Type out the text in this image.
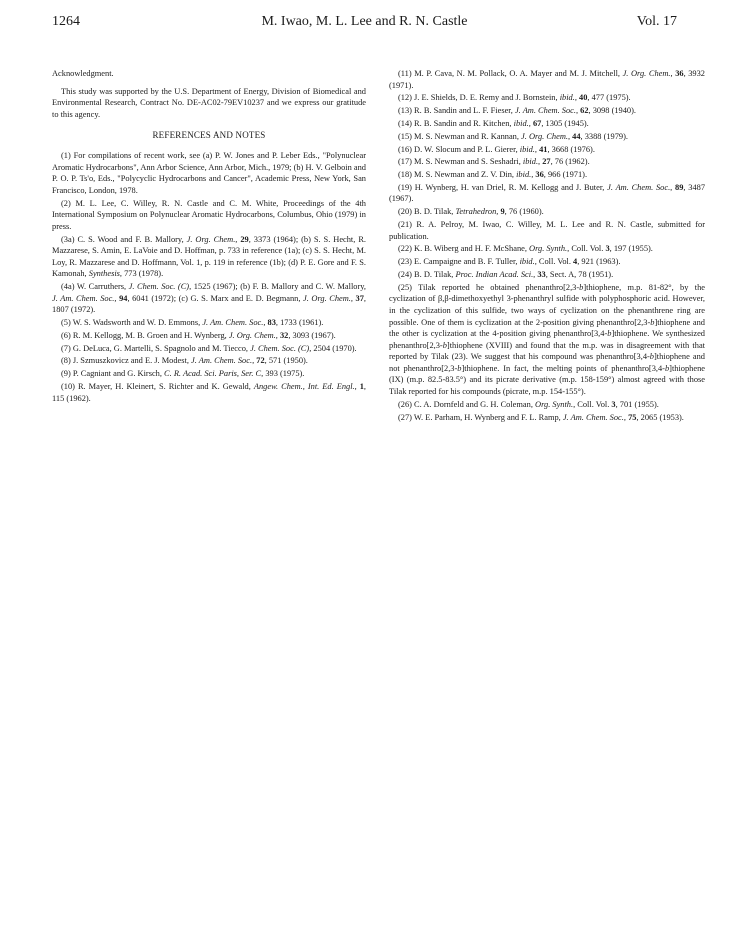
1264	M. Iwao, M. L. Lee and R. N. Castle	Vol. 17

Acknowledgment.

This study was supported by the U.S. Department of Energy, Division of Biomedical and Environmental Research, Contract No. DE-AC02-79EV10237 and we express our gratitude to this agency.

REFERENCES AND NOTES

(1) For compilations of recent work, see (a) P. W. Jones and P. Leber Eds., "Polynuclear Aromatic Hydrocarbons", Ann Arbor Science, Ann Arbor, Mich., 1979; (b) H. V. Gelboin and P. O. P. Ts'o, Eds., "Polycyclic Hydrocarbons and Cancer", Academic Press, New York, San Francisco, London, 1978.

(2) M. L. Lee, C. Willey, R. N. Castle and C. M. White, Proceedings of the 4th International Symposium on Polynuclear Aromatic Hydrocarbons, Columbus, Ohio (1979) in press.

(3a) C. S. Wood and F. B. Mallory, J. Org. Chem., 29, 3373 (1964); (b) S. S. Hecht, R. Mazzarese, S. Amin, E. LaVoie and D. Hoffman, p. 733 in reference (1a); (c) S. S. Hecht, M. Loy, R. Mazzarese and D. Hoffmann, Vol. 1, p. 119 in reference (1b); (d) P. E. Gore and F. S. Kamonah, Synthesis, 773 (1978).

(4a) W. Carruthers, J. Chem. Soc. (C), 1525 (1967); (b) F. B. Mallory and C. W. Mallory, J. Am. Chem. Soc., 94, 6041 (1972); (c) G. S. Marx and E. D. Begmann, J. Org. Chem., 37, 1807 (1972).

(5) W. S. Wadsworth and W. D. Emmons, J. Am. Chem. Soc., 83, 1733 (1961).

(6) R. M. Kellogg, M. B. Groen and H. Wynberg, J. Org. Chem., 32, 3093 (1967).

(7) G. DeLuca, G. Martelli, S. Spagnolo and M. Tiecco, J. Chem. Soc. (C), 2504 (1970).

(8) J. Szmuszkovicz and E. J. Modest, J. Am. Chem. Soc., 72, 571 (1950).

(9) P. Cagniant and G. Kirsch, C. R. Acad. Sci. Paris, Ser. C, 393 (1975).

(10) R. Mayer, H. Kleinert, S. Richter and K. Gewald, Angew. Chem., Int. Ed. Engl., 1, 115 (1962).

(11) M. P. Cava, N. M. Pollack, O. A. Mayer and M. J. Mitchell, J. Org. Chem., 36, 3932 (1971).

(12) J. E. Shields, D. E. Remy and J. Bornstein, ibid., 40, 477 (1975).

(13) R. B. Sandin and L. F. Fieser, J. Am. Chem. Soc., 62, 3098 (1940).

(14) R. B. Sandin and R. Kitchen, ibid., 67, 1305 (1945).

(15) M. S. Newman and R. Kannan, J. Org. Chem., 44, 3388 (1979).

(16) D. W. Slocum and P. L. Gierer, ibid., 41, 3668 (1976).

(17) M. S. Newman and S. Seshadri, ibid., 27, 76 (1962).

(18) M. S. Newman and Z. V. Din, ibid., 36, 966 (1971).

(19) H. Wynberg, H. van Driel, R. M. Kellogg and J. Buter, J. Am. Chem. Soc., 89, 3487 (1967).

(20) B. D. Tilak, Tetrahedron, 9, 76 (1960).

(21) R. A. Pelroy, M. Iwao, C. Willey, M. L. Lee and R. N. Castle, submitted for publication.

(22) K. B. Wiberg and H. F. McShane, Org. Synth., Coll. Vol. 3, 197 (1955).

(23) E. Campaigne and B. F. Tuller, ibid., Coll. Vol. 4, 921 (1963).

(24) B. D. Tilak, Proc. Indian Acad. Sci., 33, Sect. A, 78 (1951).

(25) Tilak reported he obtained phenanthro[2,3-b]thiophene, m.p. 81-82°, by the cyclization of β,β-dimethoxyethyl 3-phenanthryl sulfide with polyphosphoric acid. However, in the cyclization of this sulfide, two ways of cyclization on the phenanthrene ring are possible. One of them is cyclization at the 2-position giving phenanthro[2,3-b]thiophene and the other is cyclization at the 4-position giving phenanthro[3,4-b]thiophene. We synthesized phenanthro[2,3-b]thiophene (XVIII) and found that the m.p. was in disagreement with that reported by Tilak (23). We suggest that his compound was phenanthro[3,4-b]thiophene and not phenanthro[2,3-b]thiophene. In fact, the melting points of phenanthro[3,4-b]thiophene (IX) (m.p. 82.5-83.5°) and its picrate derivative (m.p. 158-159°) almost agreed with those Tilak reported for his compounds (picrate, m.p. 154-155°).

(26) C. A. Dornfeld and G. H. Coleman, Org. Synth., Coll. Vol. 3, 701 (1955).

(27) W. E. Parham, H. Wynberg and F. L. Ramp, J. Am. Chem. Soc., 75, 2065 (1953).
